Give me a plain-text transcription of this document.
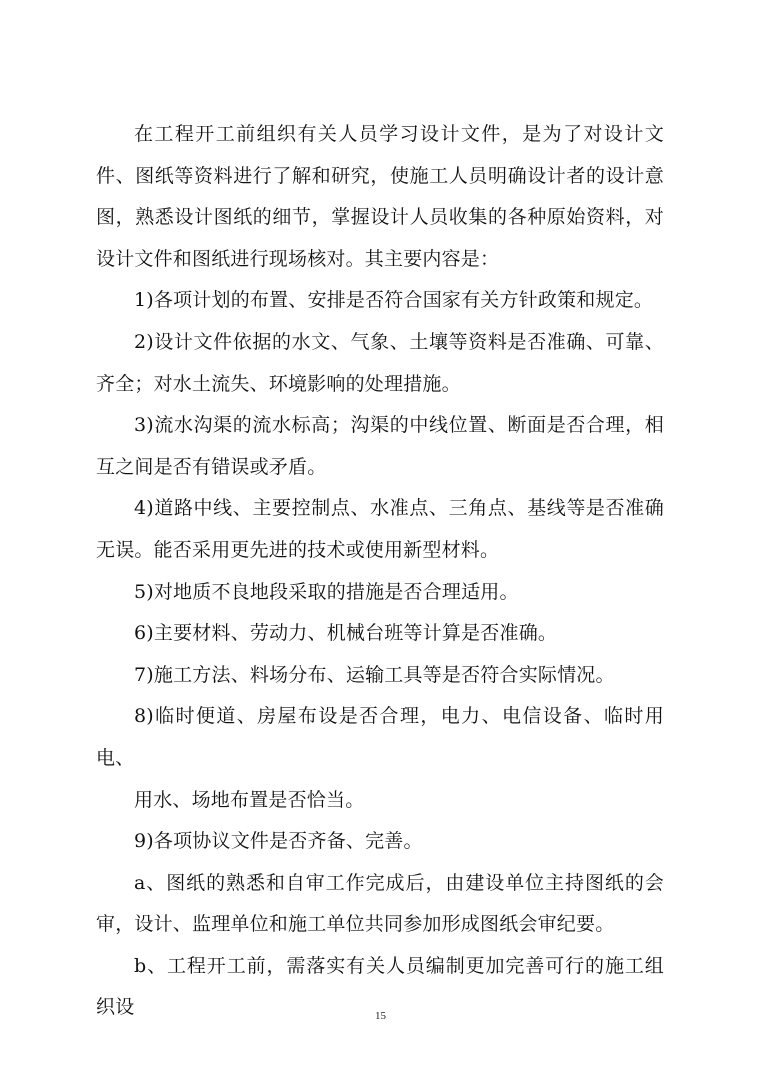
在工程开工前组织有关人员学习设计文件，是为了对设计文件、图纸等资料进行了解和研究，使施工人员明确设计者的设计意图，熟悉设计图纸的细节，掌握设计人员收集的各种原始资料，对设计文件和图纸进行现场核对。其主要内容是：

1)各项计划的布置、安排是否符合国家有关方针政策和规定。

2)设计文件依据的水文、气象、土壤等资料是否准确、可靠、齐全；对水土流失、环境影响的处理措施。

3)流水沟渠的流水标高；沟渠的中线位置、断面是否合理，相互之间是否有错误或矛盾。

4)道路中线、主要控制点、水准点、三角点、基线等是否准确无误。能否采用更先进的技术或使用新型材料。

5)对地质不良地段采取的措施是否合理适用。

6)主要材料、劳动力、机械台班等计算是否准确。

7)施工方法、料场分布、运输工具等是否符合实际情况。

8)临时便道、房屋布设是否合理，电力、电信设备、临时用电、

用水、场地布置是否恰当。

9)各项协议文件是否齐备、完善。

a、图纸的熟悉和自审工作完成后，由建设单位主持图纸的会审，设计、监理单位和施工单位共同参加形成图纸会审纪要。

b、工程开工前，需落实有关人员编制更加完善可行的施工组织设	15
